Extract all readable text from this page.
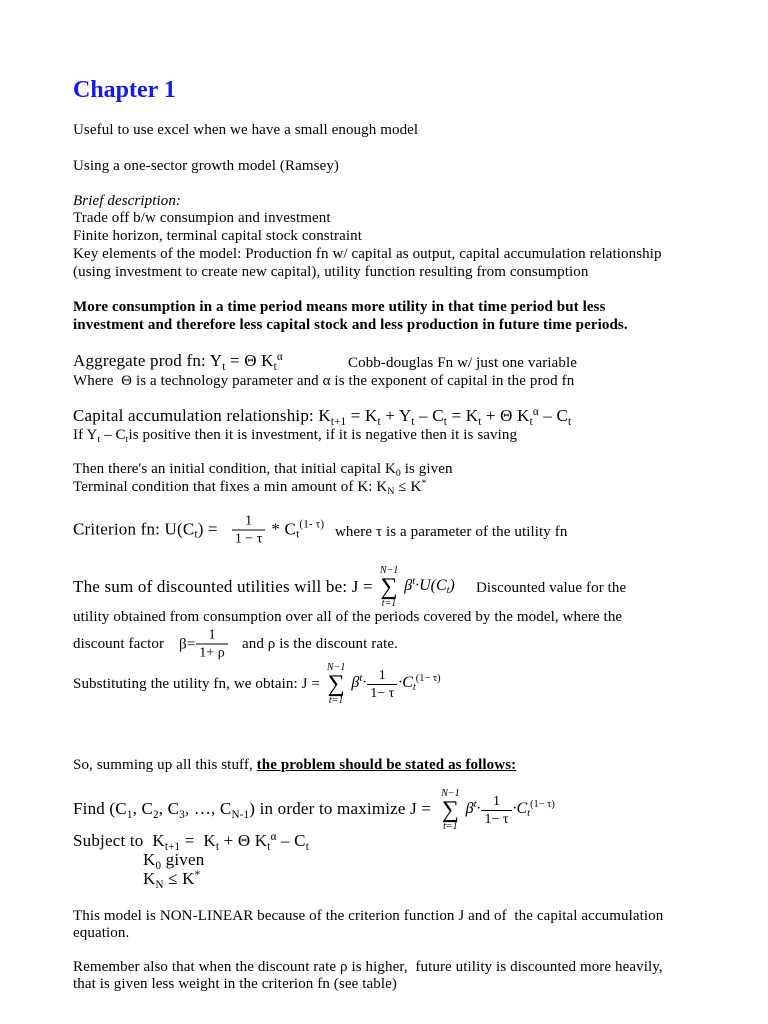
Chapter 1
Useful to use excel when we have a small enough model
Using a one-sector growth model (Ramsey)
Brief description:
Trade off b/w consumpion and investment
Finite horizon, terminal capital stock constraint
Key elements of the model: Production fn w/ capital as output, capital accumulation relationship
(using investment to create new capital), utility function resulting from consumption
More consumption in a time period means more utility in that time period but less
investment and therefore less capital stock and less production in future time periods.
Aggregate prod fn: $Y_t = \Theta$ $K_t^\alpha$	Cobb-douglas Fn w/ just one variable
Where  Θ is a technology parameter and α is the exponent of capital in the prod fn
Capital accumulation relationship: $K_{t+1} = K_t + Y_t - C_t = K_t + \Theta$ $K_t^\alpha - C_t$
If $Y_t - C_tis$ positive then it is investment, if it is negative then it is saving
Then there's an initial condition, that initial capital $K_0$ is given
Terminal condition that fixes a min amount of K: $K_N \le K^*$
Criterion fn: $U(C_t) = \frac{1}{1 - \tau} * C_t^{(1- \tau)}$ where τ is a parameter of the utility fn
The sum of discounted utilities will be: J =
N−1
∑
t=1
$\beta^t\cdot U(C_t)$ Discounted value for the
utility obtained from consumption over all of the periods covered by the model, where the
discount factor $\beta= \frac{1}{1+ \rho}$ and ρ is the discount rate.
Substituting the utility fn, we obtain: J =
N−1
∑
t=1
$\beta^t\cdot \frac{1}{1- \tau} \cdot C_t^{(1- \tau)}$
So, summing up all this stuff, the problem should be stated as follows:
Find ($C_1$, $C_2$, $C_3$, …, $C_{N-1}$) in order to maximize J =
N−1
∑
t=1
$\beta^t\cdot \frac{1}{1- \tau} \cdot C_t^{(1- \tau)}$
Subject to  $K_{t+1} = K_t + \Theta$ $K_t^\alpha - C_t$
$K_0$ given
$K_N \le K^*$
This model is NON-LINEAR because of the criterion function J and of  the capital accumulation
equation.
Remember also that when the discount rate ρ is higher,  future utility is discounted more heavily,
that is given less weight in the criterion fn (see table)
